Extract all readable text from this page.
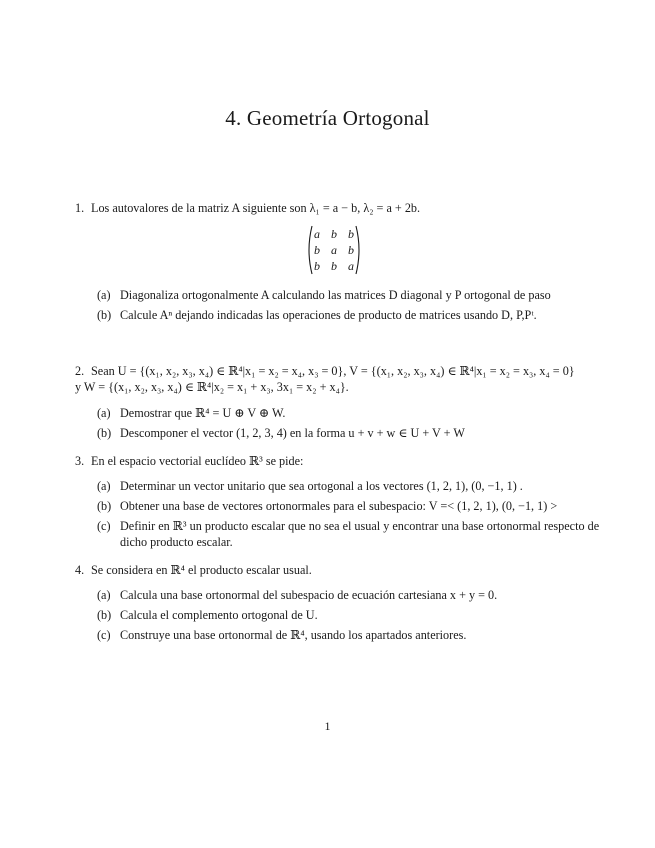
4. Geometría Ortogonal
1. Los autovalores de la matriz A siguiente son λ₁ = a − b, λ₂ = a + 2b.
a b b
b a b
b b a
(a) Diagonaliza ortogonalmente A calculando las matrices D diagonal y P ortogonal de paso
(b) Calcule Aⁿ dejando indicadas las operaciones de producto de matrices usando D, P,Pᵗ.
2. Sean U = {(x₁, x₂, x₃, x₄) ∈ ℝ⁴|x₁ = x₂ = x₄, x₃ = 0}, V = {(x₁, x₂, x₃, x₄) ∈ ℝ⁴|x₁ = x₂ = x₃, x₄ = 0} y W = {(x₁, x₂, x₃, x₄) ∈ ℝ⁴|x₂ = x₁ + x₃, 3x₁ = x₂ + x₄}.
(a) Demostrar que ℝ⁴ = U ⊕ V ⊕ W.
(b) Descomponer el vector (1, 2, 3, 4) en la forma u + v + w ∈ U + V + W
3. En el espacio vectorial euclídeo ℝ³ se pide:
(a) Determinar un vector unitario que sea ortogonal a los vectores (1, 2, 1), (0, −1, 1) .
(b) Obtener una base de vectores ortonormales para el subespacio: V =< (1, 2, 1), (0, −1, 1) >
(c) Definir en ℝ³ un producto escalar que no sea el usual y encontrar una base ortonormal respecto de dicho producto escalar.
4. Se considera en ℝ⁴ el producto escalar usual.
(a) Calcula una base ortonormal del subespacio de ecuación cartesiana x + y = 0.
(b) Calcula el complemento ortogonal de U.
(c) Construye una base ortonormal de ℝ⁴, usando los apartados anteriores.
1
